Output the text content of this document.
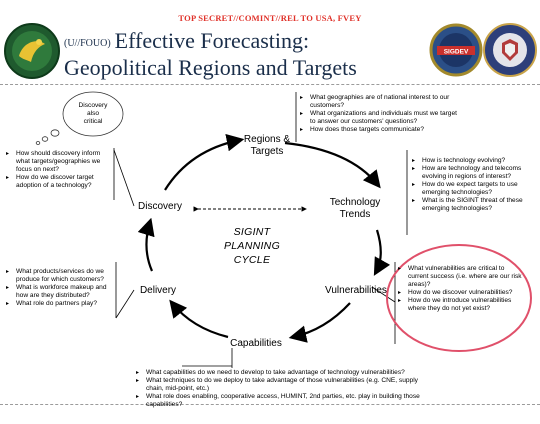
TOP SECRET//COMINT//REL TO USA, FVEY
(U//FOUO) Effective Forecasting:
Geopolitical Regions and Targets
SIGDEV
Regions &
Targets
Technology
Trends
Vulnerabilities
Capabilities
Delivery
Discovery
SIGINT
PLANNING
CYCLE
Discovery
also
critical
▸ What geographies are of national interest to our customers?
▸ What organizations and individuals must we target to answer our customers' questions?
▸ How does those targets communicate?
▸ How is technology evolving?
▸ How are technology and telecoms evolving in regions of interest?
▸ How do we expect targets to use emerging technologies?
▸ What is the SIGINT threat of these emerging technologies?
▸ What vulnerabilities are critical to current success (i.e. where are our risk areas)?
▸ How do we discover vulnerabilities?
▸ How do we introduce vulnerabilities where they do not yet exist?
▸ What capabilities do we need to develop to take advantage of technology vulnerabilities?
▸ What techniques to do we deploy to take advantage of those vulnerabilities (e.g. CNE, supply chain, mid-point, etc.)
▸ What role does enabling, cooperative access, HUMINT, 2nd parties, etc. play in building those capabilities?
▸ What products/services do we produce for which customers?
▸ What is workforce makeup and how are they distributed?
▸ What role do partners play?
▸ How should discovery inform what targets/geographies we focus on next?
▸ How do we discover target adoption of a technology?
